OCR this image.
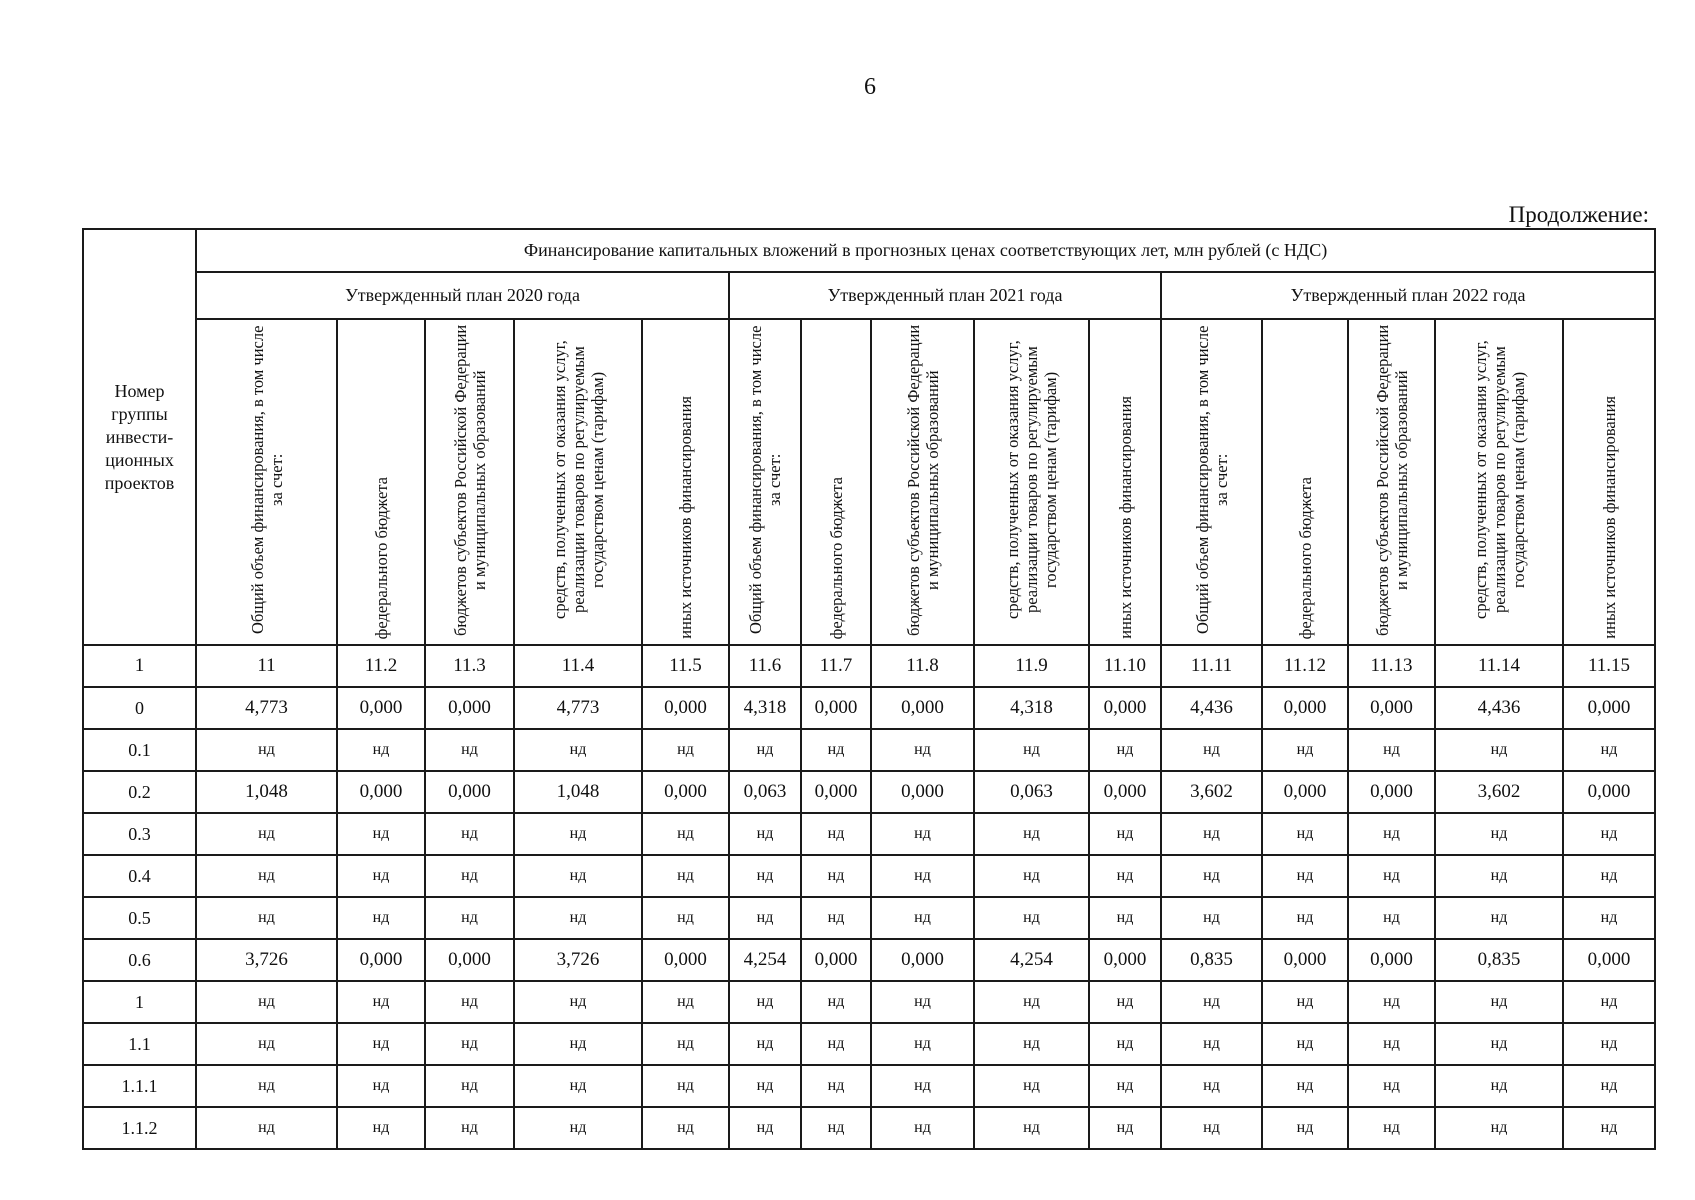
6
Продолжение:
Номер группы инвести-ционных проектов	Финансирование капитальных вложений в прогнозных ценах соответствующих лет, млн рублей (с НДС)														
	Утвержденный план 2020 года					Утвержденный план 2021 года					Утвержденный план 2022 года				
	Общий объем финансирования, в том числе за счет:	федерального бюджета	бюджетов субъектов Российской Федерации и муниципальных образований	средств, полученных от оказания услуг, реализации товаров по регулируемым государством ценам (тарифам)	иных источников финансирования	Общий объем финансирования, в том числе за счет:	федерального бюджета	бюджетов субъектов Российской Федерации и муниципальных образований	средств, полученных от оказания услуг, реализации товаров по регулируемым государством ценам (тарифам)	иных источников финансирования	Общий объем финансирования, в том числе за счет:	федерального бюджета	бюджетов субъектов Российской Федерации и муниципальных образований	средств, полученных от оказания услуг, реализации товаров по регулируемым государством ценам (тарифам)	иных источников финансирования
1	11	11.2	11.3	11.4	11.5	11.6	11.7	11.8	11.9	11.10	11.11	11.12	11.13	11.14	11.15
0	4,773	0,000	0,000	4,773	0,000	4,318	0,000	0,000	4,318	0,000	4,436	0,000	0,000	4,436	0,000
0.1	нд	нд	нд	нд	нд	нд	нд	нд	нд	нд	нд	нд	нд	нд	нд
0.2	1,048	0,000	0,000	1,048	0,000	0,063	0,000	0,000	0,063	0,000	3,602	0,000	0,000	3,602	0,000
0.3	нд	нд	нд	нд	нд	нд	нд	нд	нд	нд	нд	нд	нд	нд	нд
0.4	нд	нд	нд	нд	нд	нд	нд	нд	нд	нд	нд	нд	нд	нд	нд
0.5	нд	нд	нд	нд	нд	нд	нд	нд	нд	нд	нд	нд	нд	нд	нд
0.6	3,726	0,000	0,000	3,726	0,000	4,254	0,000	0,000	4,254	0,000	0,835	0,000	0,000	0,835	0,000
1	нд	нд	нд	нд	нд	нд	нд	нд	нд	нд	нд	нд	нд	нд	нд
1.1	нд	нд	нд	нд	нд	нд	нд	нд	нд	нд	нд	нд	нд	нд	нд
1.1.1	нд	нд	нд	нд	нд	нд	нд	нд	нд	нд	нд	нд	нд	нд	нд
1.1.2	нд	нд	нд	нд	нд	нд	нд	нд	нд	нд	нд	нд	нд	нд	нд
